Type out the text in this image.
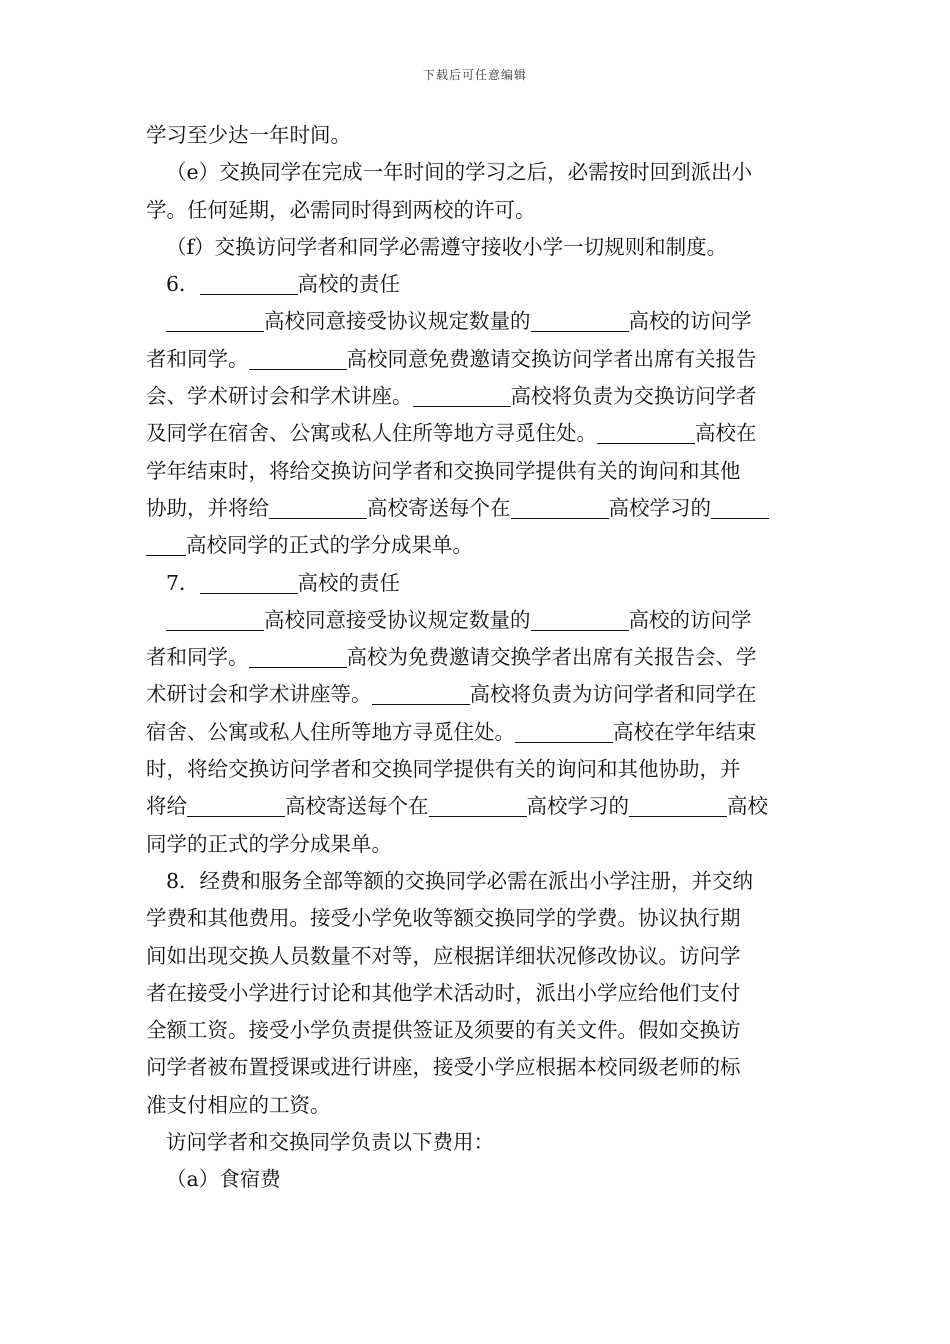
下载后可任意编辑
学习至少达一年时间。
（e）交换同学在完成一年时间的学习之后，必需按时回到派出小
学。任何延期，必需同时得到两校的许可。
（f）交换访问学者和同学必需遵守接收小学一切规则和制度。
6．	高校的责任
高校同意接受协议规定数量的	高校的访问学
者和同学。	高校同意免费邀请交换访问学者出席有关报告
会、学术研讨会和学术讲座。	高校将负责为交换访问学者
及同学在宿舍、公寓或私人住所等地方寻觅住处。	高校在
学年结束时，将给交换访问学者和交换同学提供有关的询问和其他
协助，并将给	高校寄送每个在	高校学习的
高校同学的正式的学分成果单。
7．	高校的责任
高校同意接受协议规定数量的	高校的访问学
者和同学。	高校为免费邀请交换学者出席有关报告会、学
术研讨会和学术讲座等。	高校将负责为访问学者和同学在
宿舍、公寓或私人住所等地方寻觅住处。	高校在学年结束
时，将给交换访问学者和交换同学提供有关的询问和其他协助，并
将给	高校寄送每个在	高校学习的	高校
同学的正式的学分成果单。
8．经费和服务全部等额的交换同学必需在派出小学注册，并交纳
学费和其他费用。接受小学免收等额交换同学的学费。协议执行期
间如出现交换人员数量不对等，应根据详细状况修改协议。访问学
者在接受小学进行讨论和其他学术活动时，派出小学应给他们支付
全额工资。接受小学负责提供签证及须要的有关文件。假如交换访
问学者被布置授课或进行讲座，接受小学应根据本校同级老师的标
准支付相应的工资。
访问学者和交换同学负责以下费用：
（a）食宿费
